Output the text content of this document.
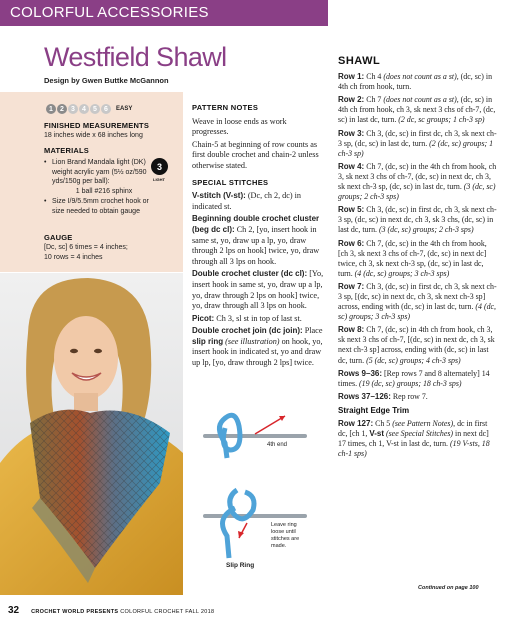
COLORFUL ACCESSORIES
Westfield Shawl
Design by Gwen Buttke McGannon
1	2	3	4	5	6	EASY
FINISHED MEASUREMENTS
18 inches wide x 68 inches long
MATERIALS
• Lion Brand Mandala light (DK) weight acrylic yarn (5½ oz/590 yds/150g per ball):
1 ball #216 sphinx
• Size I/9/5.5mm crochet hook or size needed to obtain gauge
3
LIGHT
GAUGE
[Dc, sc] 6 times = 4 inches;
10 rows = 4 inches
PATTERN NOTES

Weave in loose ends as work progresses.

Chain-5 at beginning of row counts as first double crochet and chain-2 unless otherwise stated.

SPECIAL STITCHES

V-stitch (V-st): (Dc, ch 2, dc) in indicated st.

Beginning double crochet cluster (beg dc cl): Ch 2, [yo, insert hook in same st, yo, draw up a lp, yo, draw through 2 lps on hook] twice, yo, draw through all 3 lps on hook.

Double crochet cluster (dc cl): [Yo, insert hook in same st, yo, draw up a lp, yo, draw through 2 lps on hook] twice, yo, draw through all 3 lps on hook.

Picot: Ch 3, sl st in top of last st.

Double crochet join (dc join): Place slip ring (see illustration) on hook, yo, insert hook in indicated st, yo and draw up lp, [yo, draw through 2 lps] twice.

4th end
Leave ring loose until stitches are made.
Slip Ring
SHAWL

Row 1: Ch 4 (does not count as a st), (dc, sc) in 4th ch from hook, turn.

Row 2: Ch 7 (does not count as a st), (dc, sc) in 4th ch from hook, ch 3, sk next 3 chs of ch-7, (dc, sc) in last dc, turn. (2 dc, sc groups; 1 ch-3 sp)

Row 3: Ch 3, (dc, sc) in first dc, ch 3, sk next ch-3 sp, (dc, sc) in last dc, turn. (2 (dc, sc) groups; 1 ch-3 sp)

Row 4: Ch 7, (dc, sc) in the 4th ch from hook, ch 3, sk next 3 chs of ch-7, (dc, sc) in next dc, ch 3, sk next ch-3 sp, (dc, sc) in last dc, turn. (3 (dc, sc) groups; 2 ch-3 sps)

Row 5: Ch 3, (dc, sc) in first dc, ch 3, sk next ch-3 sp, (dc, sc) in next dc, ch 3, sk 3 chs, (dc, sc) in last dc, turn. (3 (dc, sc) groups; 2 ch-3 sps)

Row 6: Ch 7, (dc, sc) in the 4th ch from hook, [ch 3, sk next 3 chs of ch-7, (dc, sc) in next dc] twice, ch 3, sk next ch-3 sp, (dc, sc) in last dc, turn. (4 (dc, sc) groups; 3 ch-3 sps)

Row 7: Ch 3, (dc, sc) in first dc, ch 3, sk next ch-3 sp, [(dc, sc) in next dc, ch 3, sk next ch-3 sp] across, ending with (dc, sc) in last dc, turn. (4 (dc, sc) groups; 3 ch-3 sps)

Row 8: Ch 7, (dc, sc) in 4th ch from hook, ch 3, sk next 3 chs of ch-7, [(dc, sc) in next dc, ch 3, sk next ch-3 sp] across, ending with (dc, sc) in last dc, turn. (5 (dc, sc) groups; 4 ch-3 sps)

Rows 9–36: [Rep rows 7 and 8 alternately] 14 times. (19 (dc, sc) groups; 18 ch-3 sps)

Rows 37–126: Rep row 7.

Straight Edge Trim

Row 127: Ch 5 (see Pattern Notes), dc in first dc, [ch 1, V-st (see Special Stitches) in next dc] 17 times, ch 1, V-st in last dc, turn. (19 V-sts, 18 ch-1 sps)

Continued on page 100
32 CROCHET WORLD PRESENTS COLORFUL CROCHET FALL 2018
